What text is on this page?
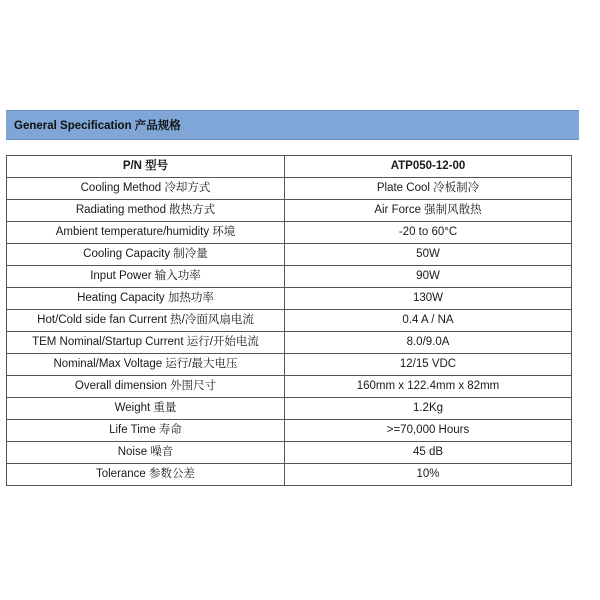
General Specification 产品规格
P/N 型号	ATP050-12-00
Cooling Method 冷却方式	Plate Cool 冷板制冷
Radiating method 散热方式	Air Force 强制风散热
Ambient temperature/humidity 环境	-20 to 60°C
Cooling Capacity 制冷量	50W
Input Power 输入功率	90W
Heating Capacity 加热功率	130W
Hot/Cold side fan Current 热/冷面风扇电流	0.4 A / NA
TEM Nominal/Startup Current 运行/开始电流	8.0/9.0A
Nominal/Max Voltage 运行/最大电压	12/15 VDC
Overall dimension 外围尺寸	160mm x 122.4mm x 82mm
Weight 重量	1.2Kg
Life Time 寿命	>=70,000 Hours
Noise 噪音	45 dB
Tolerance 参数公差	10%
